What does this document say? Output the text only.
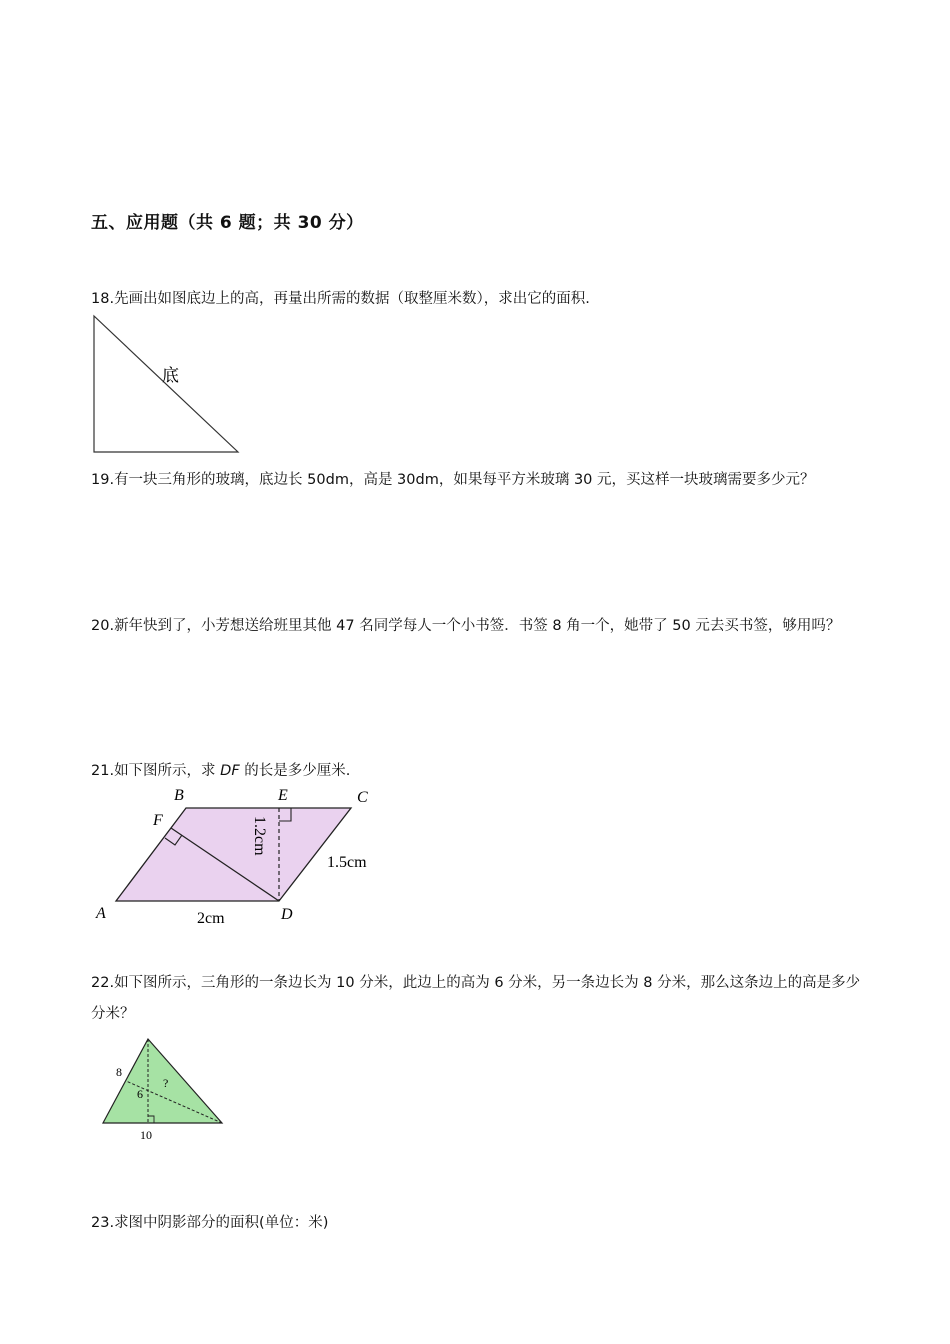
五、应用题（共 6 题；共 30 分）
18.先画出如图底边上的高，再量出所需的数据（取整厘米数），求出它的面积.
底
19.有一块三角形的玻璃，底边长 50dm，高是 30dm，如果每平方米玻璃 30 元，买这样一块玻璃需要多少元？
20.新年快到了，小芳想送给班里其他 47 名同学每人一个小书签．书签 8 角一个，她带了 50 元去买书签，够用吗？
21.如下图所示，求 DF 的长是多少厘米.
A
B	C
D
E
F	1.2cm
1.5cm
2cm
22.如下图所示，三角形的一条边长为 10 分米，此边上的高为 6 分米，另一条边长为 8 分米，那么这条边上的高是多少分米？
8
6
?
10
23.求图中阴影部分的面积(单位：米)
